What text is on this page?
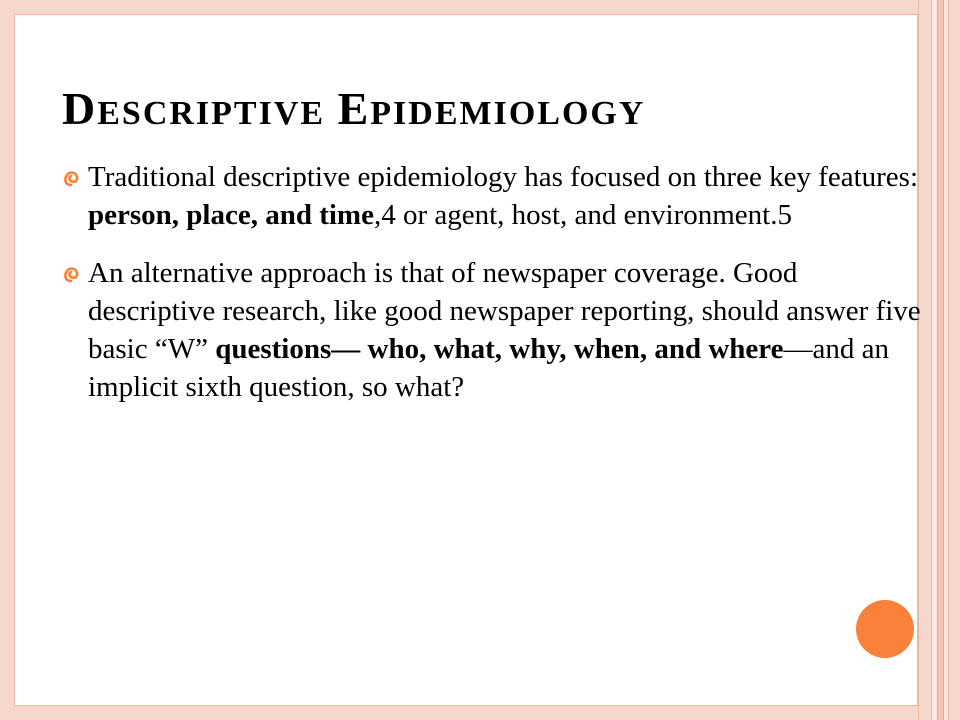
DESCRIPTIVE EPIDEMIOLOGY
Traditional descriptive epidemiology has focused on three key features: person, place, and time,4 or agent, host, and environment.5
An alternative approach is that of newspaper coverage. Good descriptive research, like good newspaper reporting, should answer five basic “W” questions— who, what, why, when, and where—and an implicit sixth question, so what?
